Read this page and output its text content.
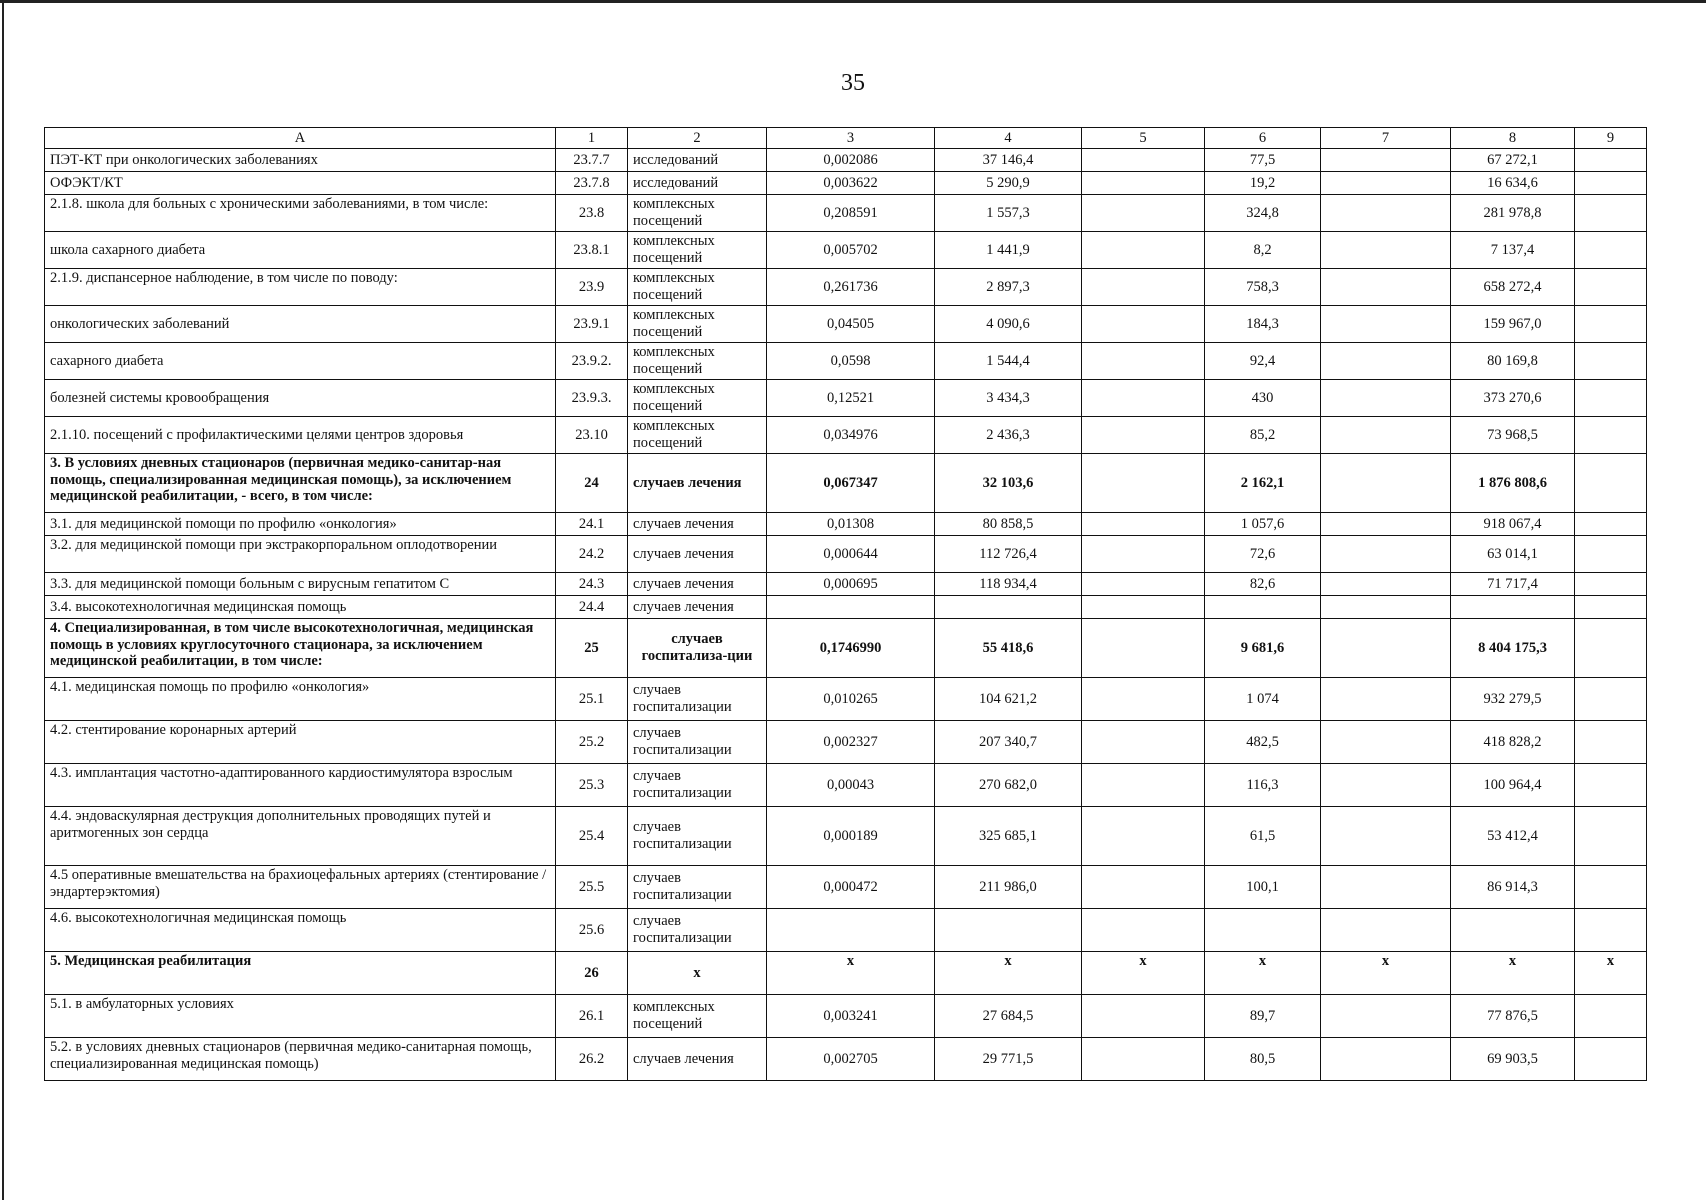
35
А	1	2	3	4	5	6	7	8	9
ПЭТ-КТ при онкологических заболеваниях	23.7.7	исследований	0,002086	37 146,4		77,5		67 272,1	
ОФЭКТ/КТ	23.7.8	исследований	0,003622	5 290,9		19,2		16 634,6	
2.1.8. школа для больных с хроническими заболеваниями, в том числе:	23.8	комплексных посещений	0,208591	1 557,3		324,8		281 978,8	
школа сахарного диабета	23.8.1	комплексных посещений	0,005702	1 441,9		8,2		7 137,4	
2.1.9. диспансерное наблюдение, в том числе по поводу:	23.9	комплексных посещений	0,261736	2 897,3		758,3		658 272,4	
онкологических заболеваний	23.9.1	комплексных посещений	0,04505	4 090,6		184,3		159 967,0	
сахарного диабета	23.9.2.	комплексных посещений	0,0598	1 544,4		92,4		80 169,8	
болезней системы кровообращения	23.9.3.	комплексных посещений	0,12521	3 434,3		430		373 270,6	
2.1.10. посещений с профилактическими целями центров здоровья	23.10	комплексных посещений	0,034976	2 436,3		85,2		73 968,5	
3. В условиях дневных стационаров (первичная медико-санитар-ная помощь, специализированная медицинская помощь), за исключением медицинской реабилитации, - всего, в том числе:	24	случаев лечения	0,067347	32 103,6		2 162,1		1 876 808,6	
3.1. для медицинской помощи по профилю «онкология»	24.1	случаев лечения	0,01308	80 858,5		1 057,6		918 067,4	
3.2. для медицинской помощи при экстракорпоральном оплодотворении	24.2	случаев лечения	0,000644	112 726,4		72,6		63 014,1	
3.3. для медицинской помощи больным с вирусным гепатитом С	24.3	случаев лечения	0,000695	118 934,4		82,6		71 717,4	
3.4. высокотехнологичная медицинская помощь	24.4	случаев лечения							
4. Специализированная, в том числе высокотехнологичная, медицинская помощь в условиях круглосуточного стационара, за исключением медицинской реабилитации, в том числе:	25	случаев госпитализа-ции	0,1746990	55 418,6		9 681,6		8 404 175,3	
4.1. медицинская помощь по профилю «онкология»	25.1	случаев госпитализации	0,010265	104 621,2		1 074		932 279,5	
4.2. стентирование коронарных артерий	25.2	случаев госпитализации	0,002327	207 340,7		482,5		418 828,2	
4.3. имплантация частотно-адаптированного кардиостимулятора взрослым	25.3	случаев госпитализации	0,00043	270 682,0		116,3		100 964,4	
4.4. эндоваскулярная деструкция дополнительных проводящих путей и аритмогенных зон сердца	25.4	случаев госпитализации	0,000189	325 685,1		61,5		53 412,4	
4.5 оперативные вмешательства на брахиоцефальных артериях (стентирование / эндартерэктомия)	25.5	случаев госпитализации	0,000472	211 986,0		100,1		86 914,3	
4.6. высокотехнологичная медицинская помощь	25.6	случаев госпитализации							
5. Медицинская реабилитация	26	х	х	х	х	х	х	х	х
5.1. в амбулаторных условиях	26.1	комплексных посещений	0,003241	27 684,5		89,7		77 876,5	
5.2. в условиях дневных стационаров (первичная медико-санитарная помощь, специализированная медицинская помощь)	26.2	случаев лечения	0,002705	29 771,5		80,5		69 903,5	
